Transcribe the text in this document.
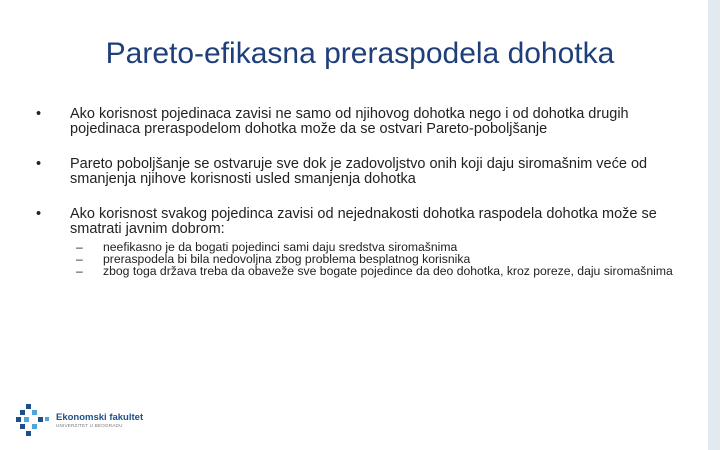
Pareto-efikasna preraspodela dohotka
• Ako korisnost pojedinaca zavisi ne samo od njihovog dohotka nego i od dohotka drugih pojedinaca preraspodelom dohotka može da se ostvari Pareto-poboljšanje
• Pareto poboljšanje se ostvaruje sve dok je zadovoljstvo onih koji daju siromašnim veće od smanjenja njihove korisnosti usled smanjenja dohotka
• Ako korisnost svakog pojedinca zavisi od nejednakosti dohotka raspodela dohotka može se smatrati javnim dobrom:
– neefikasno je da bogati pojedinci sami daju sredstva siromašnima
– preraspodela bi bila nedovoljna zbog problema besplatnog korisnika
– zbog toga država treba da obaveže sve bogate pojedince da deo dohotka, kroz poreze, daju siromašnima
Ekonomski fakultet
UNIVERZITET U BEOGRADU
